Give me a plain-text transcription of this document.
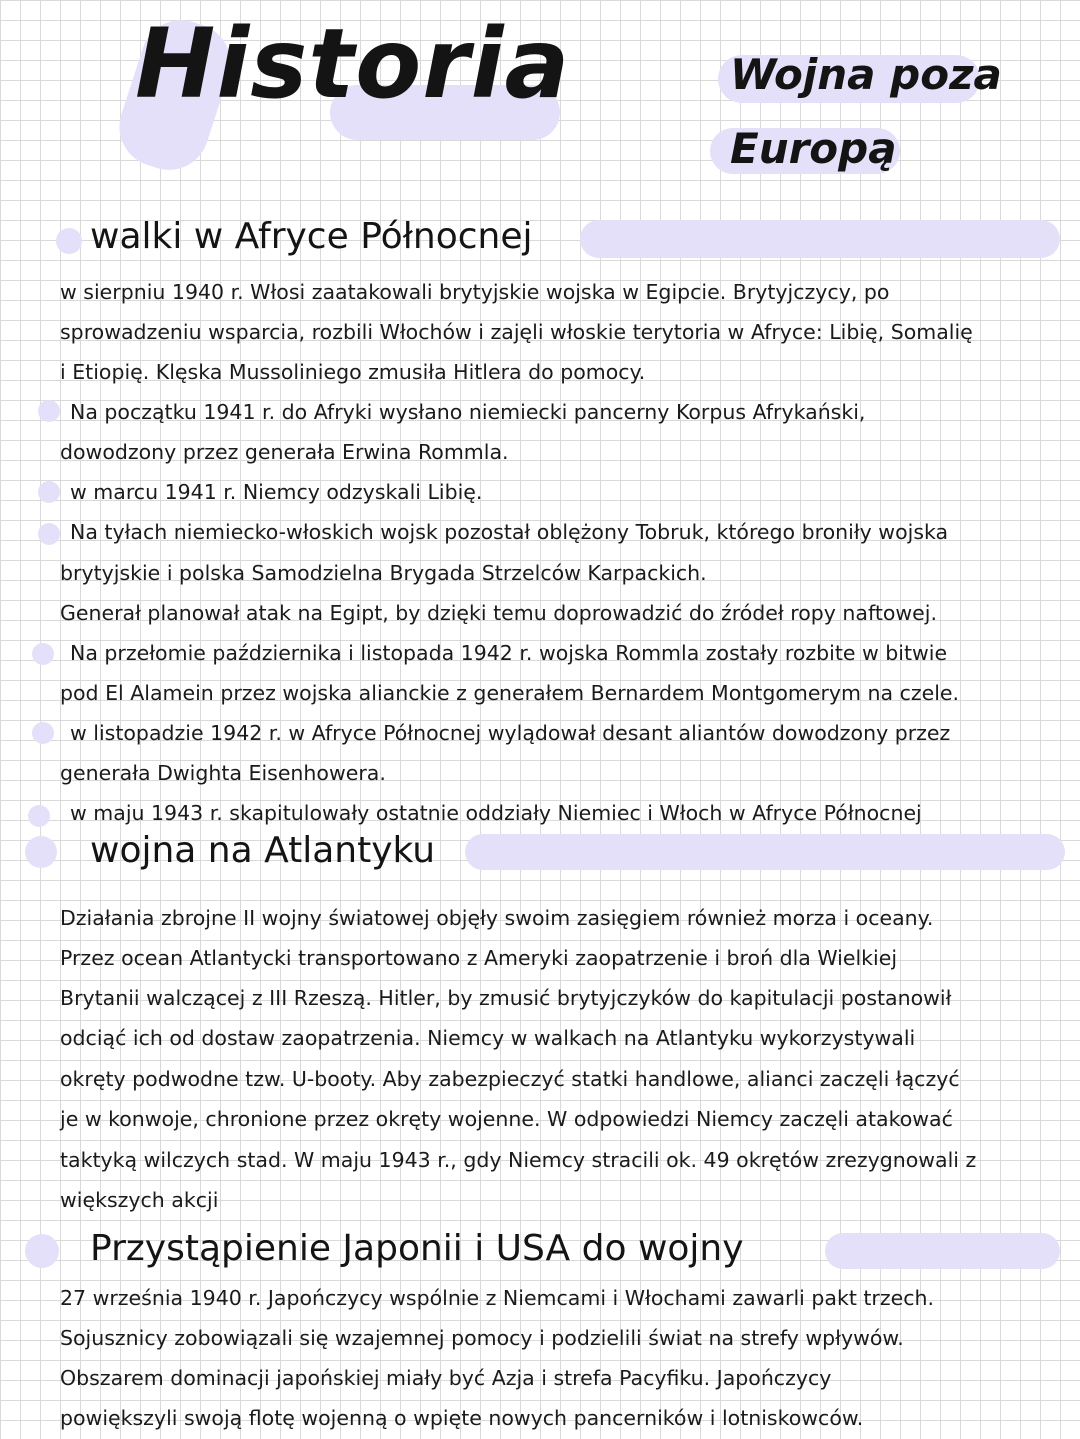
Historia	Wojna poza
Europą
walki w Afryce Północnej
w sierpniu 1940 r. Włosi zaatakowali brytyjskie wojska w Egipcie. Brytyjczycy, po
sprowadzeniu wsparcia, rozbili Włochów i zajęli włoskie terytoria w Afryce: Libię, Somalię
i Etiopię. Klęska Mussoliniego zmusiła Hitlera do pomocy.
Na początku 1941 r. do Afryki wysłano niemiecki pancerny Korpus Afrykański,
dowodzony przez generała Erwina Rommla.
w marcu 1941 r. Niemcy odzyskali Libię.
Na tyłach niemiecko-włoskich wojsk pozostał oblężony Tobruk, którego broniły wojska
brytyjskie i polska Samodzielna Brygada Strzelców Karpackich.
Generał planował atak na Egipt, by dzięki temu doprowadzić do źródeł ropy naftowej.
Na przełomie października i listopada 1942 r. wojska Rommla zostały rozbite w bitwie
pod El Alamein przez wojska alianckie z generałem Bernardem Montgomerym na czele.
w listopadzie 1942 r. w Afryce Północnej wylądował desant aliantów dowodzony przez
generała Dwighta Eisenhowera.
w maju 1943 r. skapitulowały ostatnie oddziały Niemiec i Włoch w Afryce Północnej
wojna na Atlantyku
Działania zbrojne II wojny światowej objęły swoim zasięgiem również morza i oceany.
Przez ocean Atlantycki transportowano z Ameryki zaopatrzenie i broń dla Wielkiej
Brytanii walczącej z III Rzeszą. Hitler, by zmusić brytyjczyków do kapitulacji postanowił
odciąć ich od dostaw zaopatrzenia. Niemcy w walkach na Atlantyku wykorzystywali
okręty podwodne tzw. U-booty. Aby zabezpieczyć statki handlowe, alianci zaczęli łączyć
je w konwoje, chronione przez okręty wojenne. W odpowiedzi Niemcy zaczęli atakować
taktyką wilczych stad. W maju 1943 r., gdy Niemcy stracili ok. 49 okrętów zrezygnowali z
większych akcji
Przystąpienie Japonii i USA do wojny
27 września 1940 r. Japończycy wspólnie z Niemcami i Włochami zawarli pakt trzech.
Sojusznicy zobowiązali się wzajemnej pomocy i podzielili świat na strefy wpływów.
Obszarem dominacji japońskiej miały być Azja i strefa Pacyfiku. Japończycy
powiększyli swoją flotę wojenną o wpięte nowych pancerników i lotniskowców.
